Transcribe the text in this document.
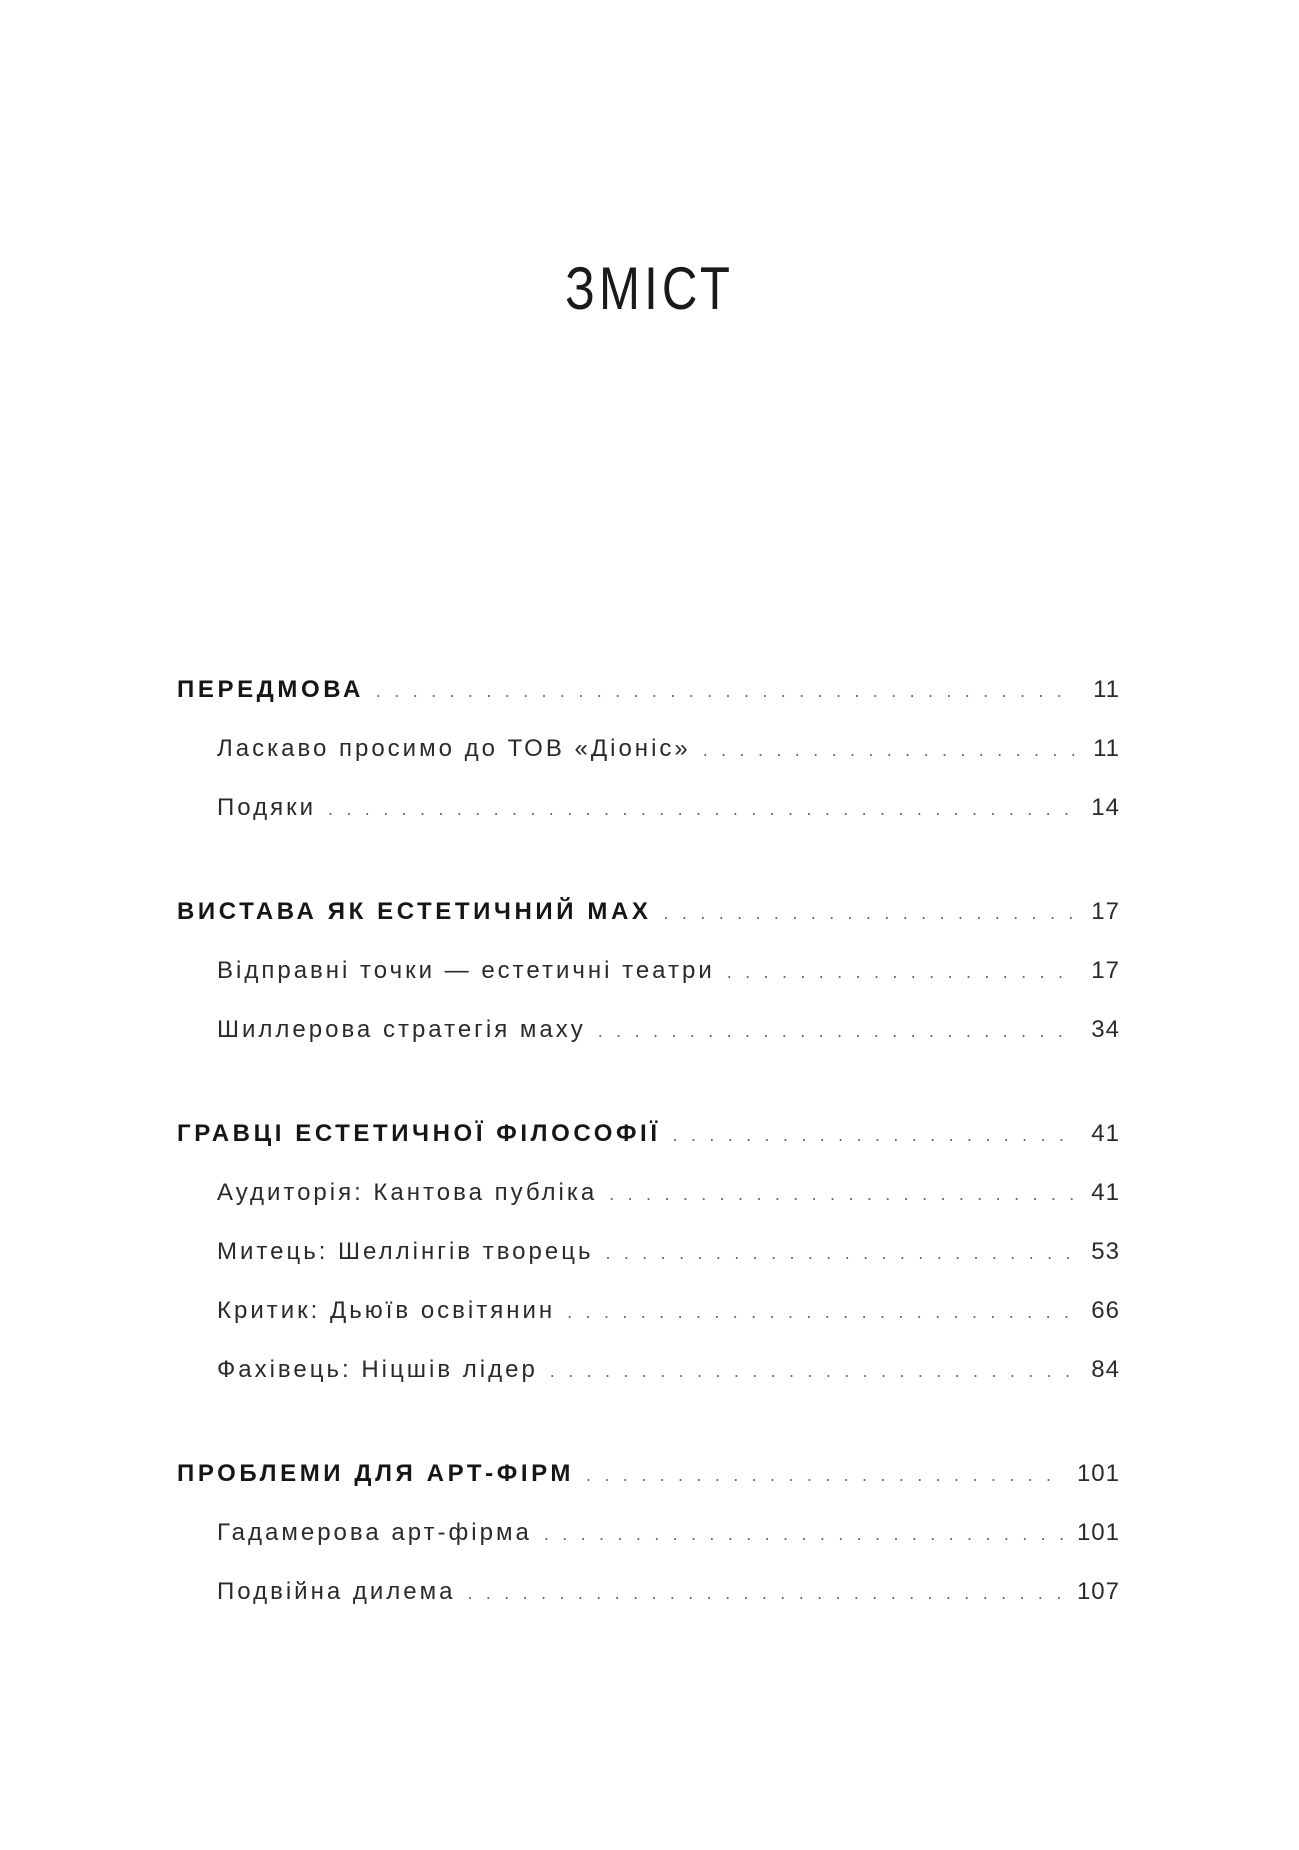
ЗМІСТ
ПЕРЕДМОВА . . .	11
Ласкаво просимо до ТОВ «Діоніс» . . .	11
Подяки . . .	14
ВИСТАВА ЯК ЕСТЕТИЧНИЙ МАХ . . .	17
Відправні точки — естетичні театри . . .	17
Шиллерова стратегія маху . . .	34
ГРАВЦІ ЕСТЕТИЧНОЇ ФІЛОСОФІЇ . . .	41
Аудиторія: Кантова публіка . . .	41
Митець: Шеллінгів творець . . .	53
Критик: Дьюїв освітянин . . .	66
Фахівець: Ніцшів лідер . . .	84
ПРОБЛЕМИ ДЛЯ АРТ-ФІРМ . . .	101
Гадамерова арт-фірма . . .	101
Подвійна дилема . . .	107
